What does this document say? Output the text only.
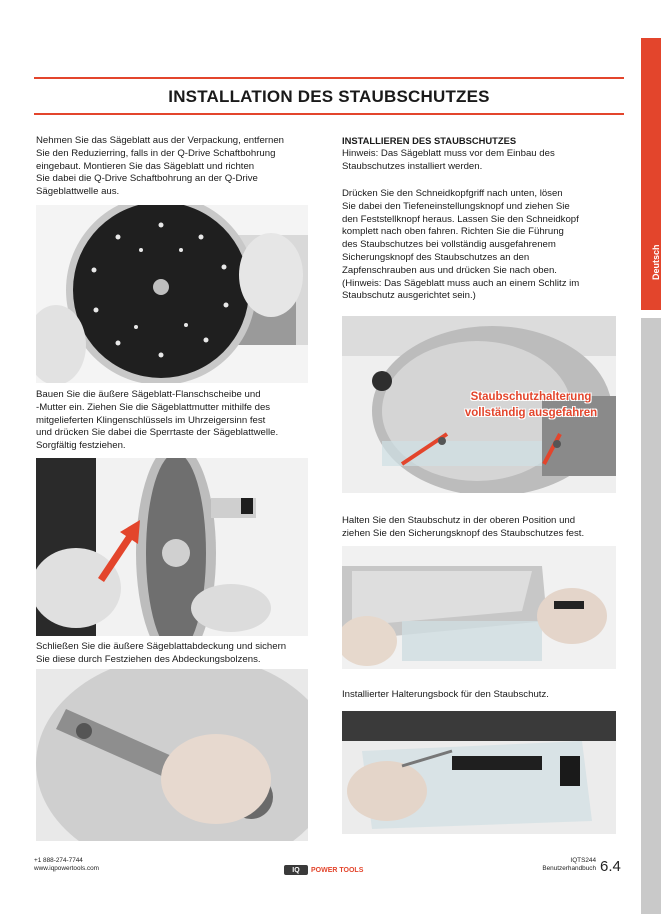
Deutsch
INSTALLATION DES STAUBSCHUTZES
Nehmen Sie das Sägeblatt aus der Verpackung, entfernen
Sie den Reduzierring, falls in der Q-Drive Schaftbohrung
eingebaut. Montieren Sie das Sägeblatt und richten
Sie dabei die Q-Drive Schaftbohrung an der Q-Drive
Sägeblattwelle aus.
Bauen Sie die äußere Sägeblatt-Flanschscheibe und
-Mutter ein. Ziehen Sie die Sägeblattmutter mithilfe des
mitgelieferten Klingenschlüssels im Uhrzeigersinn fest
und drücken Sie dabei die Sperrtaste der Sägeblattwelle.
Sorgfältig festziehen.
Schließen Sie die äußere Sägeblattabdeckung und sichern
Sie diese durch Festziehen des Abdeckungsbolzens.
INSTALLIEREN DES STAUBSCHUTZES
Hinweis: Das Sägeblatt muss vor dem Einbau des
Staubschutzes installiert werden.
Drücken Sie den Schneidkopfgriff nach unten, lösen
Sie dabei den Tiefeneinstellungsknopf und ziehen Sie
den Feststellknopf heraus. Lassen Sie den Schneidkopf
komplett nach oben fahren. Richten Sie die Führung
des Staubschutzes bei vollständig ausgefahrenem
Sicherungsknopf des Staubschutzes an den
Zapfenschrauben aus und drücken Sie nach oben.
(Hinweis: Das Sägeblatt muss auch an einem Schlitz im
Staubschutz ausgerichtet sein.)
Staubschutzhalterung
vollständig ausgefahren
Halten Sie den Staubschutz in der oberen Position und
ziehen Sie den Sicherungsknopf des Staubschutzes fest.
Installierter Halterungsbock für den Staubschutz.
+1 888-274-7744
www.iqpowertools.com	IQ	POWER TOOLS
IQTS244
Benutzerhandbuch 6.4
